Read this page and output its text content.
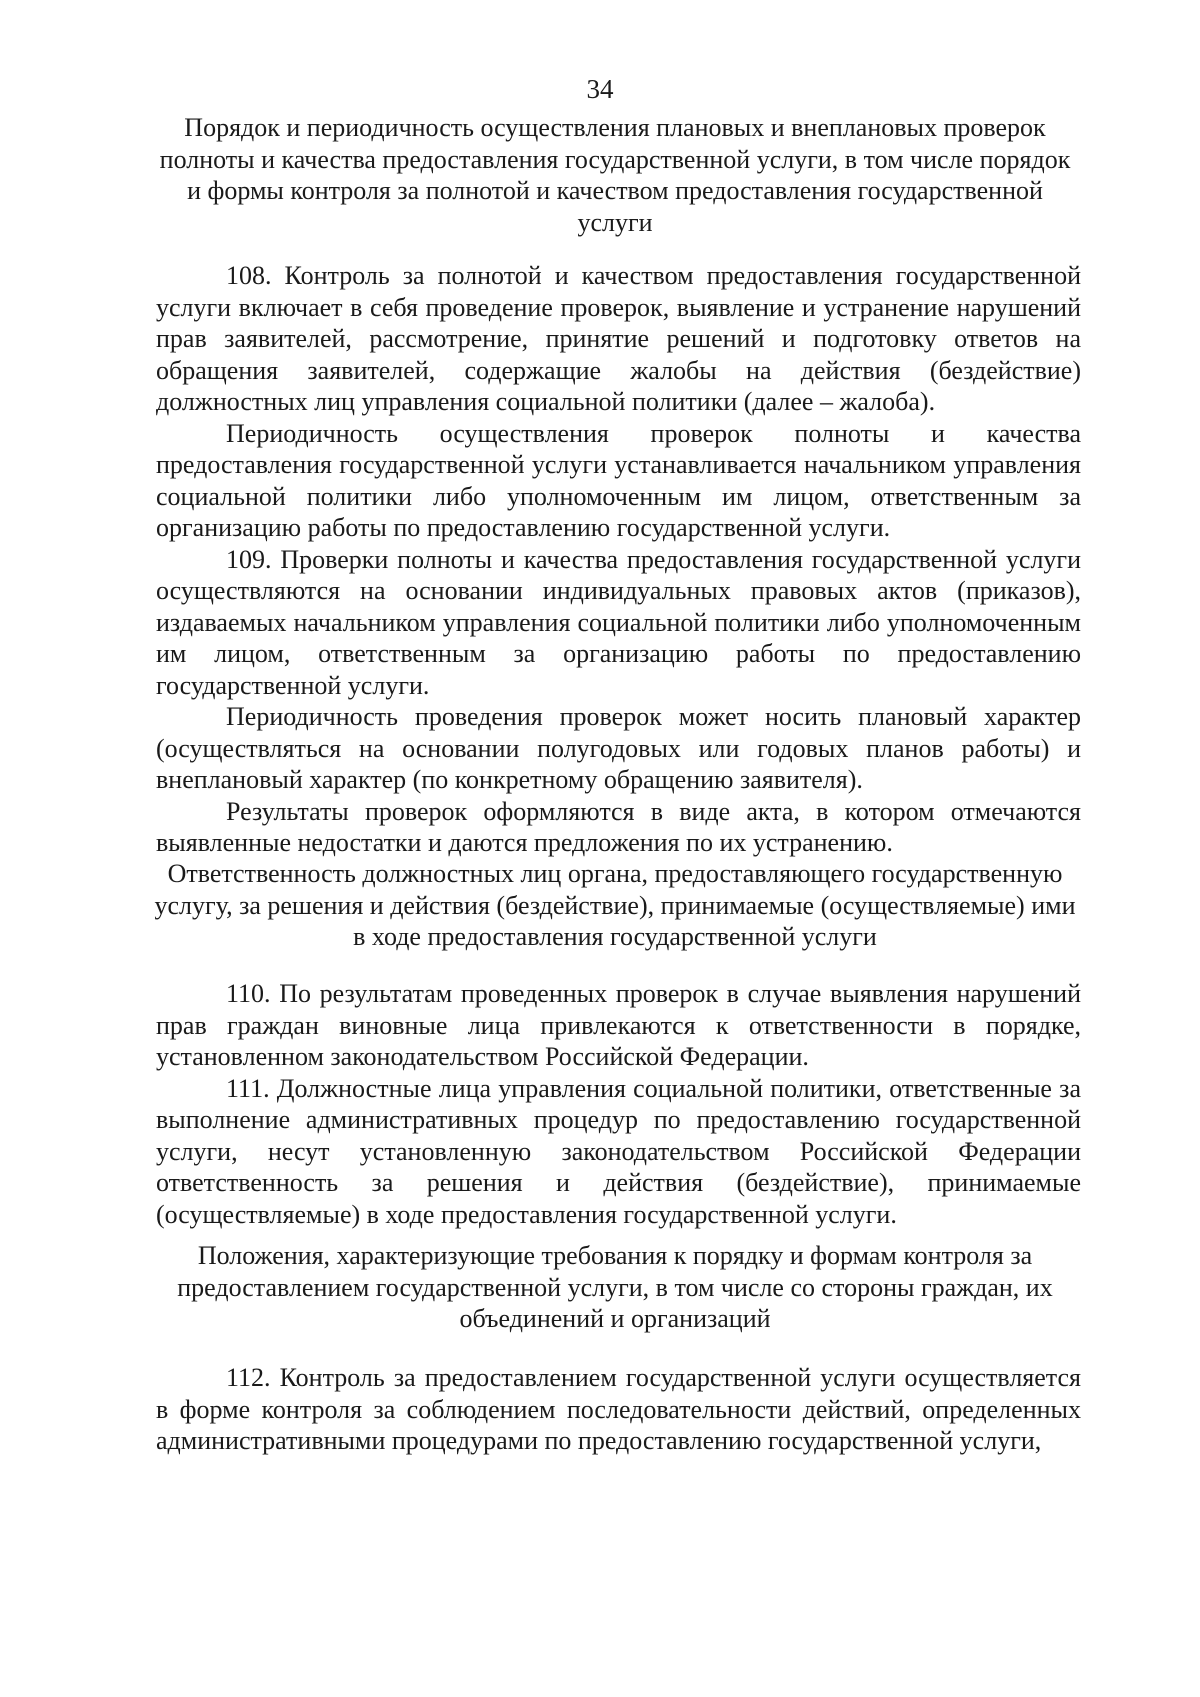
34
Порядок и периодичность осуществления плановых и внеплановых проверок полноты и качества предоставления государственной услуги, в том числе порядок и формы контроля за полнотой и качеством предоставления государственной услуги

108. Контроль за полнотой и качеством предоставления государственной услуги включает в себя проведение проверок, выявление и устранение нарушений прав заявителей, рассмотрение, принятие решений и подготовку ответов на обращения заявителей, содержащие жалобы на действия (бездействие) должностных лиц управления социальной политики (далее – жалоба).

Периодичность осуществления проверок полноты и качества предоставления государственной услуги устанавливается начальником управления социальной политики либо уполномоченным им лицом, ответственным за организацию работы по предоставлению государственной услуги.

109. Проверки полноты и качества предоставления государственной услуги осуществляются на основании индивидуальных правовых актов (приказов), издаваемых начальником управления социальной политики либо уполномоченным им лицом, ответственным за организацию работы по предоставлению государственной услуги.

Периодичность проведения проверок может носить плановый характер (осуществляться на основании полугодовых или годовых планов работы) и внеплановый характер (по конкретному обращению заявителя).

Результаты проверок оформляются в виде акта, в котором отмечаются выявленные недостатки и даются предложения по их устранению.

Ответственность должностных лиц органа, предоставляющего государственную услугу, за решения и действия (бездействие), принимаемые (осуществляемые) ими в ходе предоставления государственной услуги

110. По результатам проведенных проверок в случае выявления нарушений прав граждан виновные лица привлекаются к ответственности в порядке, установленном законодательством Российской Федерации.

111. Должностные лица управления социальной политики, ответственные за выполнение административных процедур по предоставлению государственной услуги, несут установленную законодательством Российской Федерации ответственность за решения и действия (бездействие), принимаемые (осуществляемые) в ходе предоставления государственной услуги.

Положения, характеризующие требования к порядку и формам контроля за предоставлением государственной услуги, в том числе со стороны граждан, их объединений и организаций

112. Контроль за предоставлением государственной услуги осуществляется в форме контроля за соблюдением последовательности действий, определенных административными процедурами по предоставлению государственной услуги,
